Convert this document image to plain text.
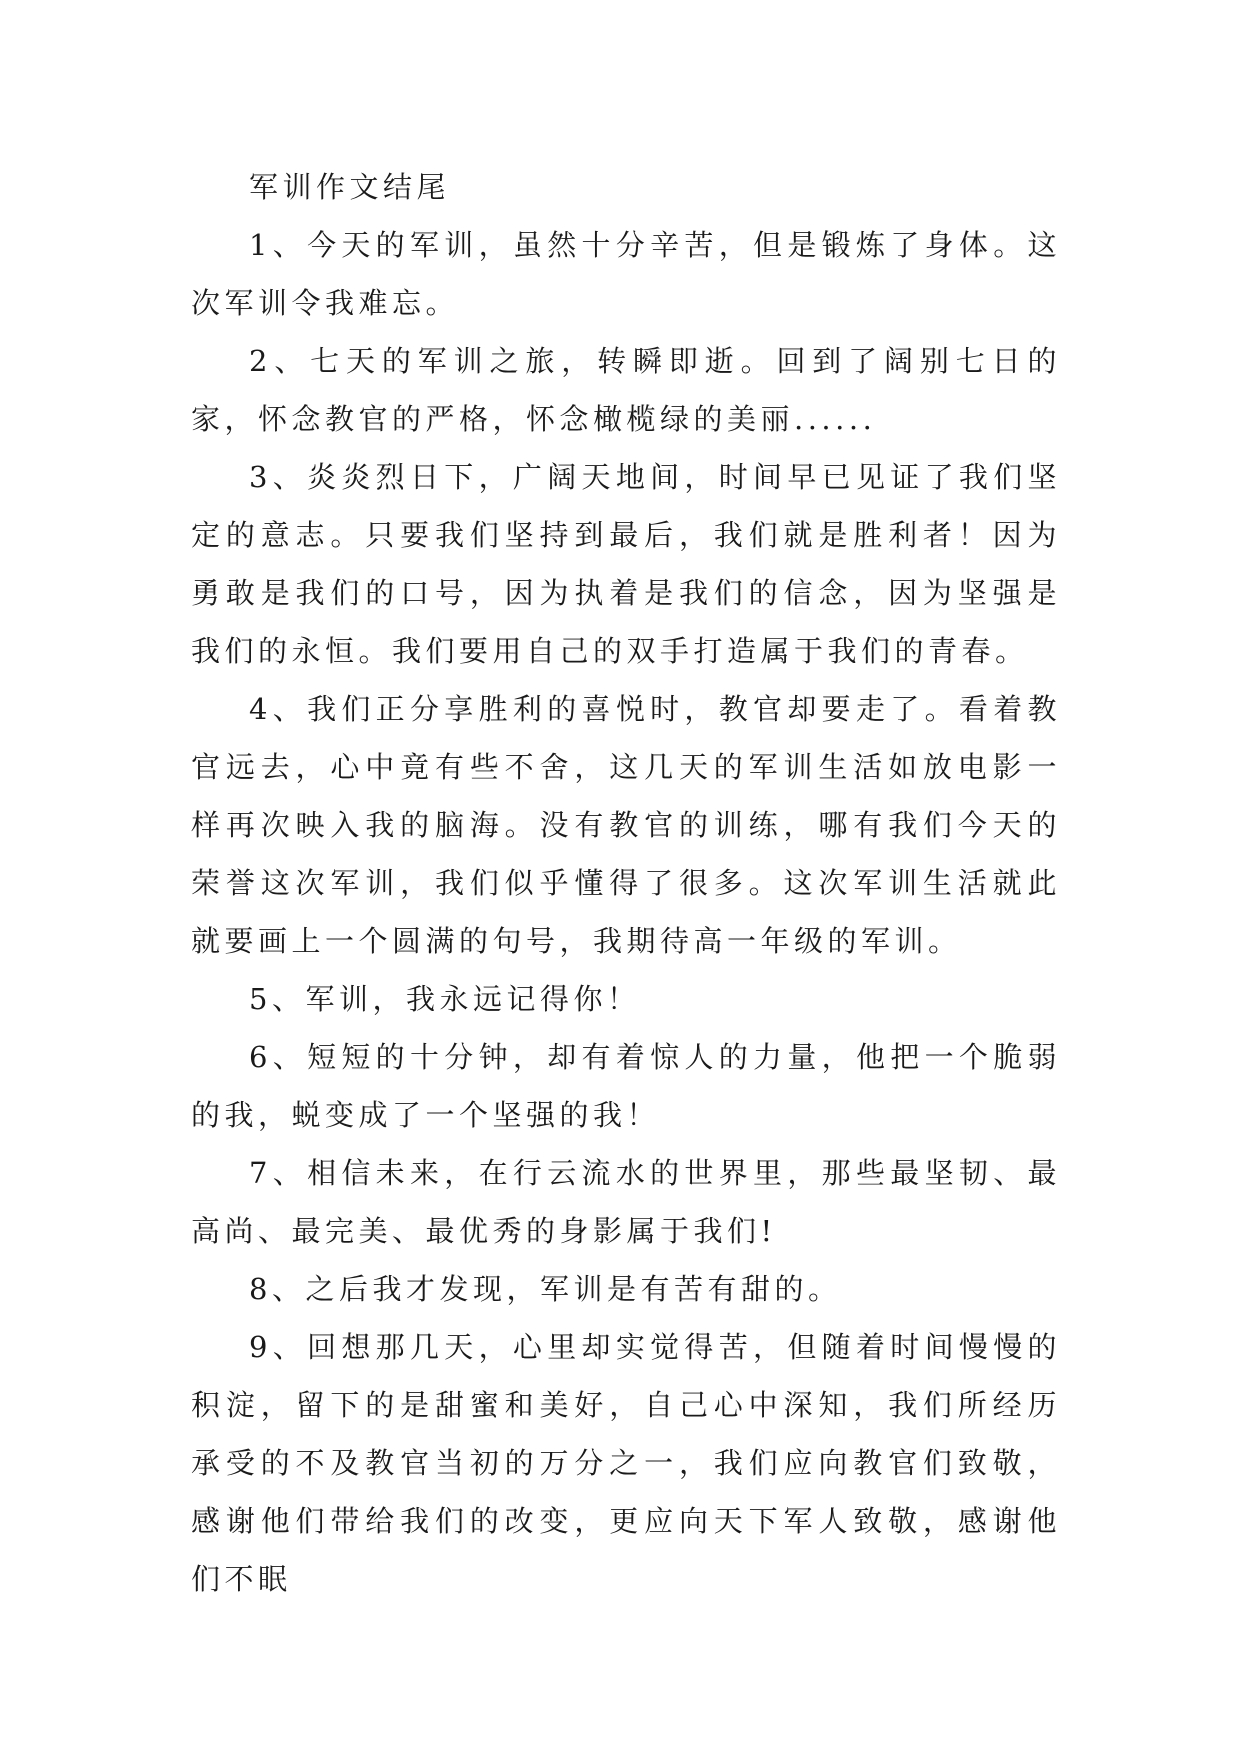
军训作文结尾

1、今天的军训，虽然十分辛苦，但是锻炼了身体。这次军训令我难忘。

2、七天的军训之旅，转瞬即逝。回到了阔别七日的家，怀念教官的严格，怀念橄榄绿的美丽......

3、炎炎烈日下，广阔天地间，时间早已见证了我们坚定的意志。只要我们坚持到最后，我们就是胜利者！因为勇敢是我们的口号，因为执着是我们的信念，因为坚强是我们的永恒。我们要用自己的双手打造属于我们的青春。

4、我们正分享胜利的喜悦时，教官却要走了。看着教官远去，心中竟有些不舍，这几天的军训生活如放电影一样再次映入我的脑海。没有教官的训练，哪有我们今天的荣誉这次军训，我们似乎懂得了很多。这次军训生活就此就要画上一个圆满的句号，我期待高一年级的军训。

5、军训，我永远记得你！

6、短短的十分钟，却有着惊人的力量，他把一个脆弱的我，蜕变成了一个坚强的我！

7、相信未来，在行云流水的世界里，那些最坚韧、最高尚、最完美、最优秀的身影属于我们!

8、之后我才发现，军训是有苦有甜的。

9、回想那几天，心里却实觉得苦，但随着时间慢慢的积淀，留下的是甜蜜和美好，自己心中深知，我们所经历承受的不及教官当初的万分之一，我们应向教官们致敬，感谢他们带给我们的改变，更应向天下军人致敬，感谢他们不眠
